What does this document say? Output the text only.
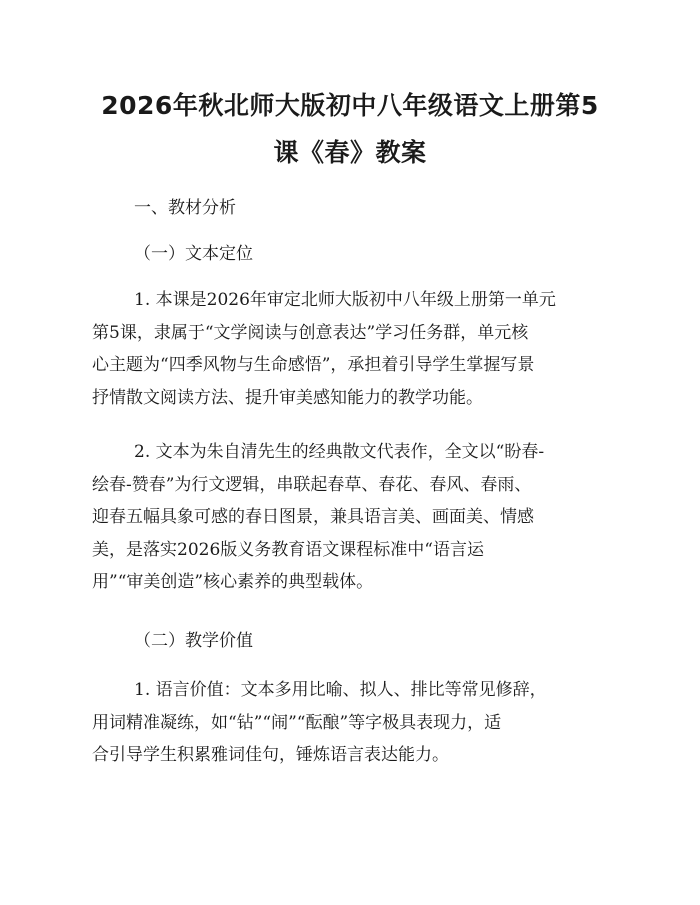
2026年秋北师大版初中八年级语文上册第5
课《春》教案
一、教材分析
（一）文本定位
1. 本课是2026年审定北师大版初中八年级上册第一单元
第5课，隶属于“文学阅读与创意表达”学习任务群，单元核
心主题为“四季风物与生命感悟”，承担着引导学生掌握写景
抒情散文阅读方法、提升审美感知能力的教学功能。
2. 文本为朱自清先生的经典散文代表作，全文以“盼春-
绘春-赞春”为行文逻辑，串联起春草、春花、春风、春雨、
迎春五幅具象可感的春日图景，兼具语言美、画面美、情感
美，是落实2026版义务教育语文课程标准中“语言运
用”“审美创造”核心素养的典型载体。
（二）教学价值
1. 语言价值：文本多用比喻、拟人、排比等常见修辞，
用词精准凝练，如“钻”“闹”“酝酿”等字极具表现力，适
合引导学生积累雅词佳句，锤炼语言表达能力。
